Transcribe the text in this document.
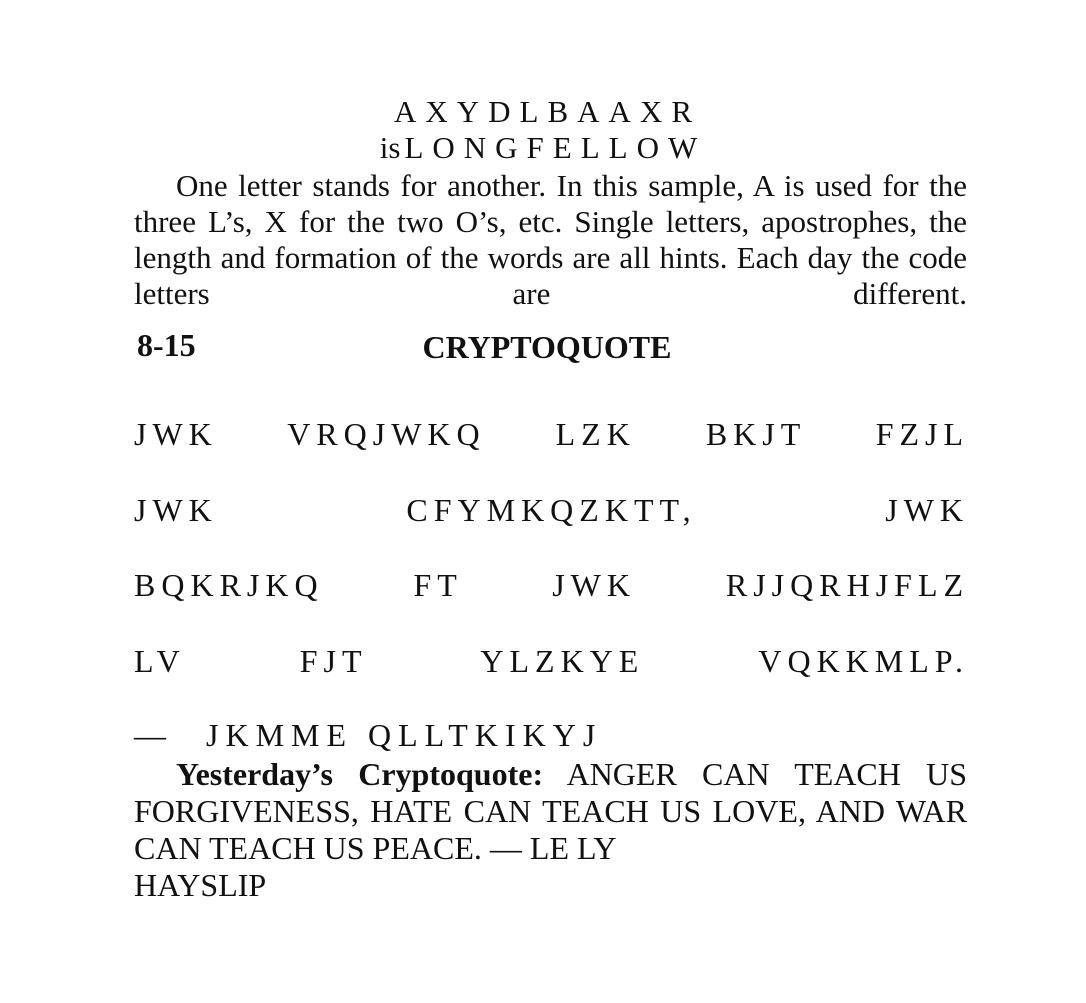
AXYDLBAAXR
is LONGFELLOW
One letter stands for another. In this sample, A is used for the three L’s, X for the two O’s, etc. Single letters, apostrophes, the length and formation of the words are all hints. Each day the code letters are different.
8-15	CRYPTOQUOTE
JWK VRQJWKQ LZK BKJT FZJL
JWK	CFYMKQZKTT,	JWK
BQKRJKQ	FT	JWK	RJJQRHJFLZ
LV	FJT	YLZKYE	VQKKMLP.
— JKMME QLLTKIKYJ
Yesterday’s Cryptoquote: ANGER CAN TEACH US FORGIVENESS, HATE CAN TEACH US LOVE, AND WAR CAN TEACH US PEACE. — LE LY
HAYSLIP
